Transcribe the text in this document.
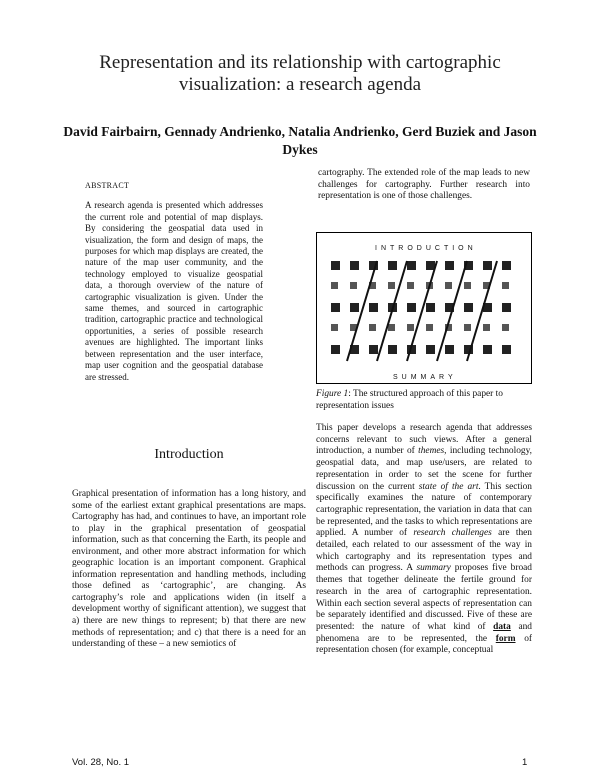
Representation and its relationship with cartographic visualization: a research agenda
David Fairbairn, Gennady Andrienko, Natalia Andrienko, Gerd Buziek and Jason Dykes
ABSTRACT
A research agenda is presented which addresses the current role and potential of map displays. By considering the geospatial data used in visualization, the form and design of maps, the purposes for which map displays are created, the nature of the map user community, and the technology employed to visualize geospatial data, a thorough overview of the nature of cartographic visualization is given. Under the same themes, and sourced in cartographic tradition, cartographic practice and technological opportunities, a series of possible research avenues are highlighted. The important links between representation and the user interface, map user cognition and the geospatial database are stressed.
Introduction
Graphical presentation of information has a long history, and some of the earliest extant graphical presentations are maps. Cartography has had, and continues to have, an important role to play in the graphical presentation of geospatial information, such as that concerning the Earth, its people and environment, and other more abstract information for which geographic location is an important component. Graphical information representation and handling methods, including those defined as ‘cartographic’, are changing. As cartography’s role and applications widen (in itself a development worthy of significant attention), we suggest that a) there are new things to represent; b) that there are new methods of representation; and c) that there is a need for an understanding of these – a new semiotics of
cartography. The extended role of the map leads to new challenges for cartography. Further research into representation is one of those challenges.
INTRODUCTION
SUMMARY
Figure 1: The structured approach of this paper to representation issues
This paper develops a research agenda that addresses concerns relevant to such views. After a general introduction, a number of themes, including technology, geospatial data, and map use/users, are related to representation in order to set the scene for further discussion on the current state of the art. This section specifically examines the nature of contemporary cartographic representation, the variation in data that can be represented, and the tasks to which representations are applied. A number of research challenges are then detailed, each related to our assessment of the way in which cartography and its representation types and methods can progress. A summary proposes five broad themes that together delineate the fertile ground for research in the area of cartographic representation. Within each section several aspects of representation can be separately identified and discussed. Five of these are presented: the nature of what kind of data and phenomena are to be represented, the form of representation chosen (for example, conceptual
Vol. 28, No. 1	1
